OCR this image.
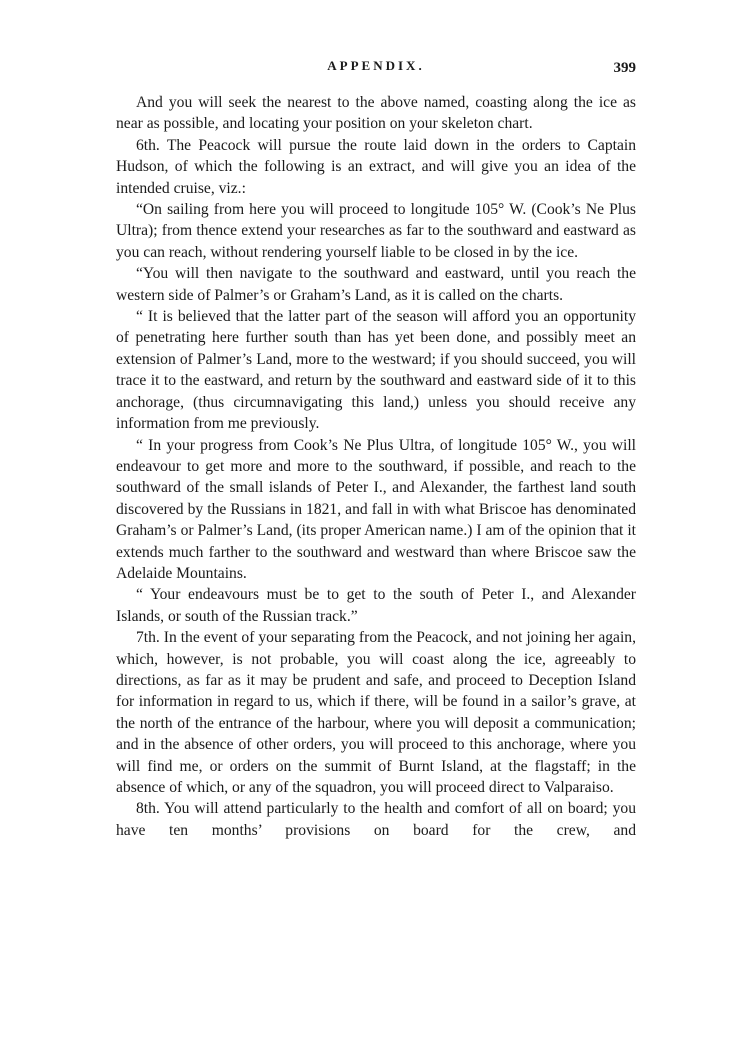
APPENDIX.	399

And you will seek the nearest to the above named, coasting along the ice as near as possible, and locating your position on your skeleton chart.

6th. The Peacock will pursue the route laid down in the orders to Captain Hudson, of which the following is an extract, and will give you an idea of the intended cruise, viz.:

“On sailing from here you will proceed to longitude 105° W. (Cook’s Ne Plus Ultra); from thence extend your researches as far to the southward and eastward as you can reach, without rendering yourself liable to be closed in by the ice.

“You will then navigate to the southward and eastward, until you reach the western side of Palmer’s or Graham’s Land, as it is called on the charts.

“ It is believed that the latter part of the season will afford you an opportunity of penetrating here further south than has yet been done, and possibly meet an extension of Palmer’s Land, more to the westward; if you should succeed, you will trace it to the eastward, and return by the southward and eastward side of it to this anchorage, (thus circumnavigating this land,) unless you should receive any information from me previously.

“ In your progress from Cook’s Ne Plus Ultra, of longitude 105° W., you will endeavour to get more and more to the southward, if possible, and reach to the southward of the small islands of Peter I., and Alexander, the farthest land south discovered by the Russians in 1821, and fall in with what Briscoe has denominated Graham’s or Palmer’s Land, (its proper American name.) I am of the opinion that it extends much farther to the southward and westward than where Briscoe saw the Adelaide Mountains.

“ Your endeavours must be to get to the south of Peter I., and Alexander Islands, or south of the Russian track.”

7th. In the event of your separating from the Peacock, and not joining her again, which, however, is not probable, you will coast along the ice, agreeably to directions, as far as it may be prudent and safe, and proceed to Deception Island for information in regard to us, which if there, will be found in a sailor’s grave, at the north of the entrance of the harbour, where you will deposit a communication; and in the absence of other orders, you will proceed to this anchorage, where you will find me, or orders on the summit of Burnt Island, at the flagstaff; in the absence of which, or any of the squadron, you will proceed direct to Valparaiso.

8th. You will attend particularly to the health and comfort of all on board; you have ten months’ provisions on board for the crew, and
